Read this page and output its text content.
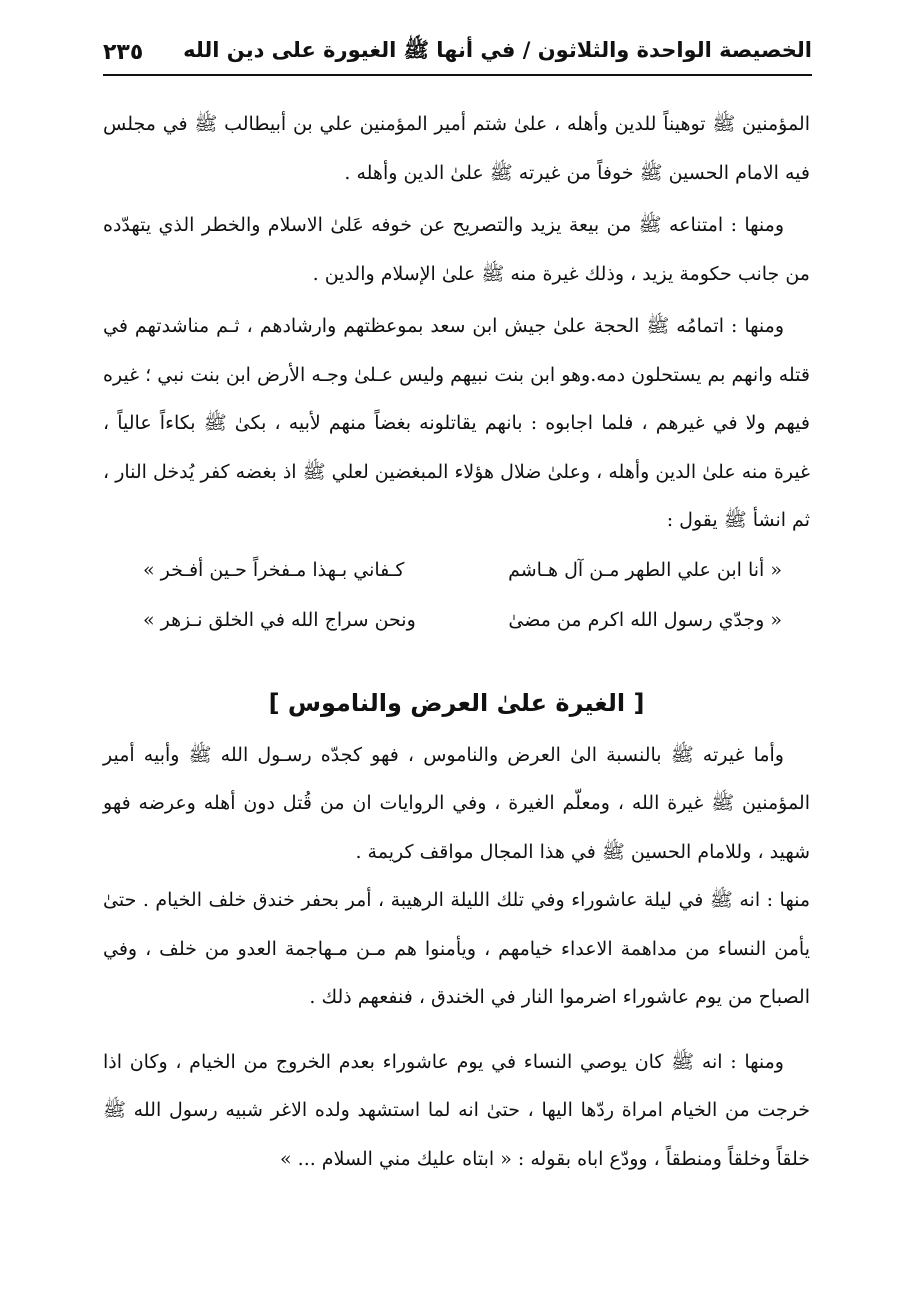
الخصيصة الواحدة والثلاثون / في أنها ﷺ الغيورة على دين الله
٢٣٥

المؤمنين ﷺ توهيناً للدين وأهله ، علىٰ شتم أمير المؤمنين علي بن أبيطالب ﷺ في مجلس فيه الامام الحسين ﷺ خوفاً من غيرته ﷺ علىٰ الدين وأهله .

ومنها : امتناعه ﷺ من بيعة يزيد والتصريح عن خوفه عَلىٰ الاسلام والخطر الذي يتهدّده من جانب حكومة يزيد ، وذلك غيرة منه ﷺ علىٰ الإسلام والدين .

ومنها : اتمامُه ﷺ الحجة علىٰ جيش ابن سعد بموعظتهم وارشادهم ، ثـم مناشدتهم في قتله وانهم بم يستحلون دمه.وهو ابن بنت نبيهم وليس عـلىٰ وجـه الأرض ابن بنت نبي ؛ غيره فيهم ولا في غيرهم ، فلما اجابوه : بانهم يقاتلونه بغضاً منهم لأبيه ، بكىٰ ﷺ بكاءاً عالياً ، غيرة منه علىٰ الدين وأهله ، وعلىٰ ضلال هؤلاء المبغضين لعلي ﷺ اذ بغضه كفر يُدخل النار ، ثم انشأ ﷺ يقول :

« أنا ابن علي الطهر مـن آل هـاشم
كـفاني بـهذا مـفخراً حـين أفـخر »
« وجدّي رسول الله اكرم من مضىٰ
ونحن سراج الله في الخلق نـزهر »
[ الغيرة علىٰ العرض والناموس ]

وأما غيرته ﷺ بالنسبة الىٰ العرض والناموس ، فهو كجدّه رسـول الله ﷺ وأبيه أمير المؤمنين ﷺ غيرة الله ، ومعلّم الغيرة ، وفي الروايات ان من قُتل دون أهله وعرضه فهو شهيد ، وللامام الحسين ﷺ في هذا المجال مواقف كريمة .

منها : انه ﷺ في ليلة عاشوراء وفي تلك الليلة الرهيبة ، أمر بحفر خندق خلف الخيام . حتىٰ يأمن النساء من مداهمة الاعداء خيامهم ، ويأمنوا هم مـن مـهاجمة العدو من خلف ، وفي الصباح من يوم عاشوراء اضرموا النار في الخندق ، فنفعهم ذلك .

ومنها : انه ﷺ كان يوصي النساء في يوم عاشوراء بعدم الخروج من الخيام ، وكان اذا خرجت من الخيام امراة ردّها اليها ، حتىٰ انه لما استشهد ولده الاغر شبيه رسول الله ﷺ خلقاً وخلقاً ومنطقاً ، وودّع اباه بقوله : « ابتاه عليك مني السلام ... »
